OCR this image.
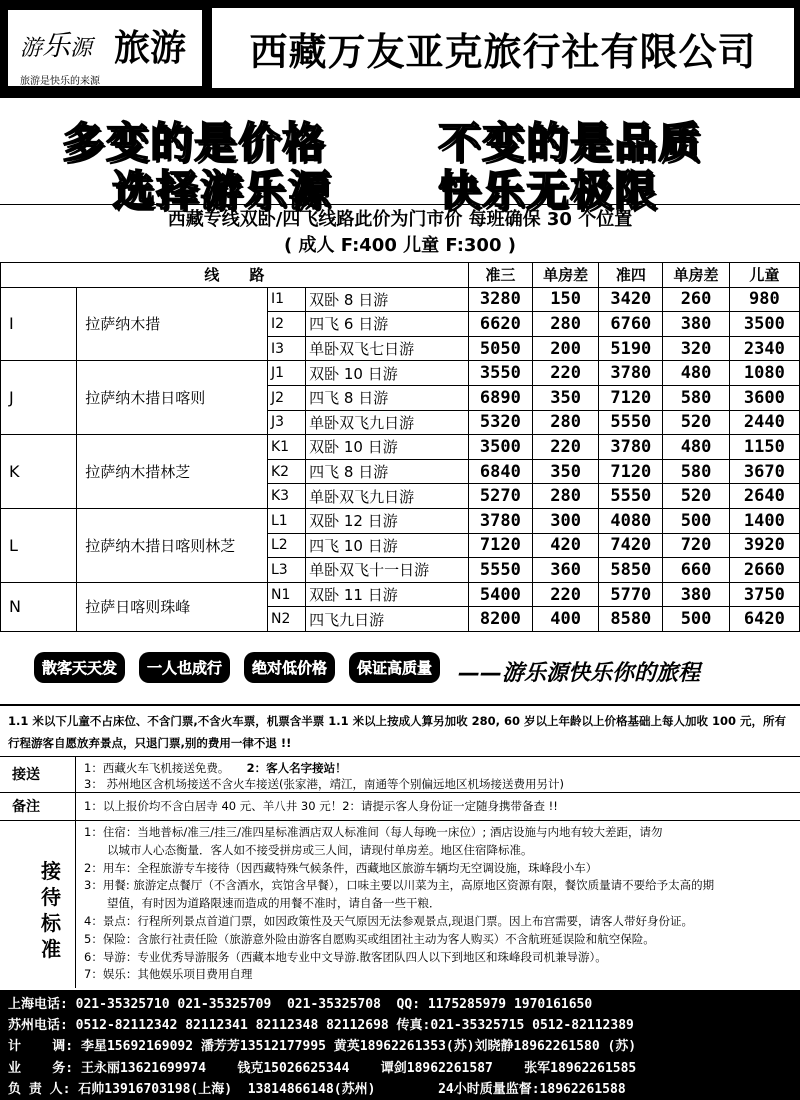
游乐源 旅游
旅游是快乐的来源
西藏万友亚克旅行社有限公司
多变的是价格	不变的是品质
选择游乐源	快乐无极限
西藏专线双卧/四飞线路此价为门市价 每班确保 30 个位置
( 成人 F:400 儿童 F:300 )
线　　路				准三	单房差	准四	单房差	儿童
I	拉萨纳木措	I1	双卧 8 日游	3280	150	3420	260	980
		I2	四飞 6 日游	6620	280	6760	380	3500
		I3	单卧双飞七日游	5050	200	5190	320	2340
J	拉萨纳木措日喀则	J1	双卧 10 日游	3550	220	3780	480	1080
		J2	四飞 8 日游	6890	350	7120	580	3600
		J3	单卧双飞九日游	5320	280	5550	520	2440
K	拉萨纳木措林芝	K1	双卧 10 日游	3500	220	3780	480	1150
		K2	四飞 8 日游	6840	350	7120	580	3670
		K3	单卧双飞九日游	5270	280	5550	520	2640
L	拉萨纳木措日喀则林芝	L1	双卧 12 日游	3780	300	4080	500	1400
		L2	四飞 10 日游	7120	420	7420	720	3920
		L3	单卧双飞十一日游	5550	360	5850	660	2660
N	拉萨日喀则珠峰	N1	双卧 11 日游	5400	220	5770	380	3750
		N2	四飞九日游	8200	400	8580	500	6420
散客天天发	一人也成行	绝对低价格	保证高质量	——游乐源快乐你的旅程
1.1 米以下儿童不占床位、不含门票,不含火车票，机票含半票 1.1 米以上按成人算另加收 280, 60 岁以上年龄以上价格基础上每人加收 100 元，所有行程游客自愿放弃景点，只退门票,别的费用一律不退 !!
接送	1：西藏火车飞机接送免费。　　 2：客人名字接站！
3： 苏州地区含机场接送不含火车接送(张家港，靖江，南通等个别偏远地区机场接送费用另计)
备注	1：以上报价均不含白居寺 40 元、羊八井 30 元！2：请提示客人身份证一定随身携带备查 !!
接待标准
1：住宿：当地普标/准三/挂三/准四星标准酒店双人标准间（每人每晚一床位）; 酒店设施与内地有较大差距，请勿
　　以城市人心态衡量．客人如不接受拼房或三人间，请现付单房差。地区住宿降标准。
2：用车：全程旅游专车接待（因西藏特殊气候条件，西藏地区旅游车辆均无空调设施，珠峰段小车）
3：用餐: 旅游定点餐厅（不含酒水，宾馆含早餐），口味主要以川菜为主，高原地区资源有限，餐饮质量请不要给予太高的期
　　望值，有时因为道路限速而造成的用餐不准时，请自备一些干粮．
4：景点：行程所列景点首道门票，如因政策性及天气原因无法参观景点,现退门票。因上布宫需要，请客人带好身份证。
5：保险：含旅行社责任险（旅游意外险由游客自愿购买或组团社主动为客人购买）不含航班延误险和航空保险。
6：导游：专业优秀导游服务（西藏本地专业中文导游.散客团队四人以下到地区和珠峰段司机兼导游）。
7：娱乐：其他娱乐项目费用自理
上海电话: 021-35325710 021-35325709  021-35325708  QQ: 1175285979 1970161650
苏州电话: 0512-82112342 82112341 82112348 82112698 传真:021-35325715 0512-82112389
计    调: 李星15692169092 潘芳芳13512177995 黄英18962261353(苏)刘晓静18962261580 (苏)
业    务: 王永丽13621699974    钱克15026625344    谭剑18962261587    张军18962261585
负 责 人: 石帅13916703198(上海)  13814866148(苏州)        24小时质量监督:18962261588
